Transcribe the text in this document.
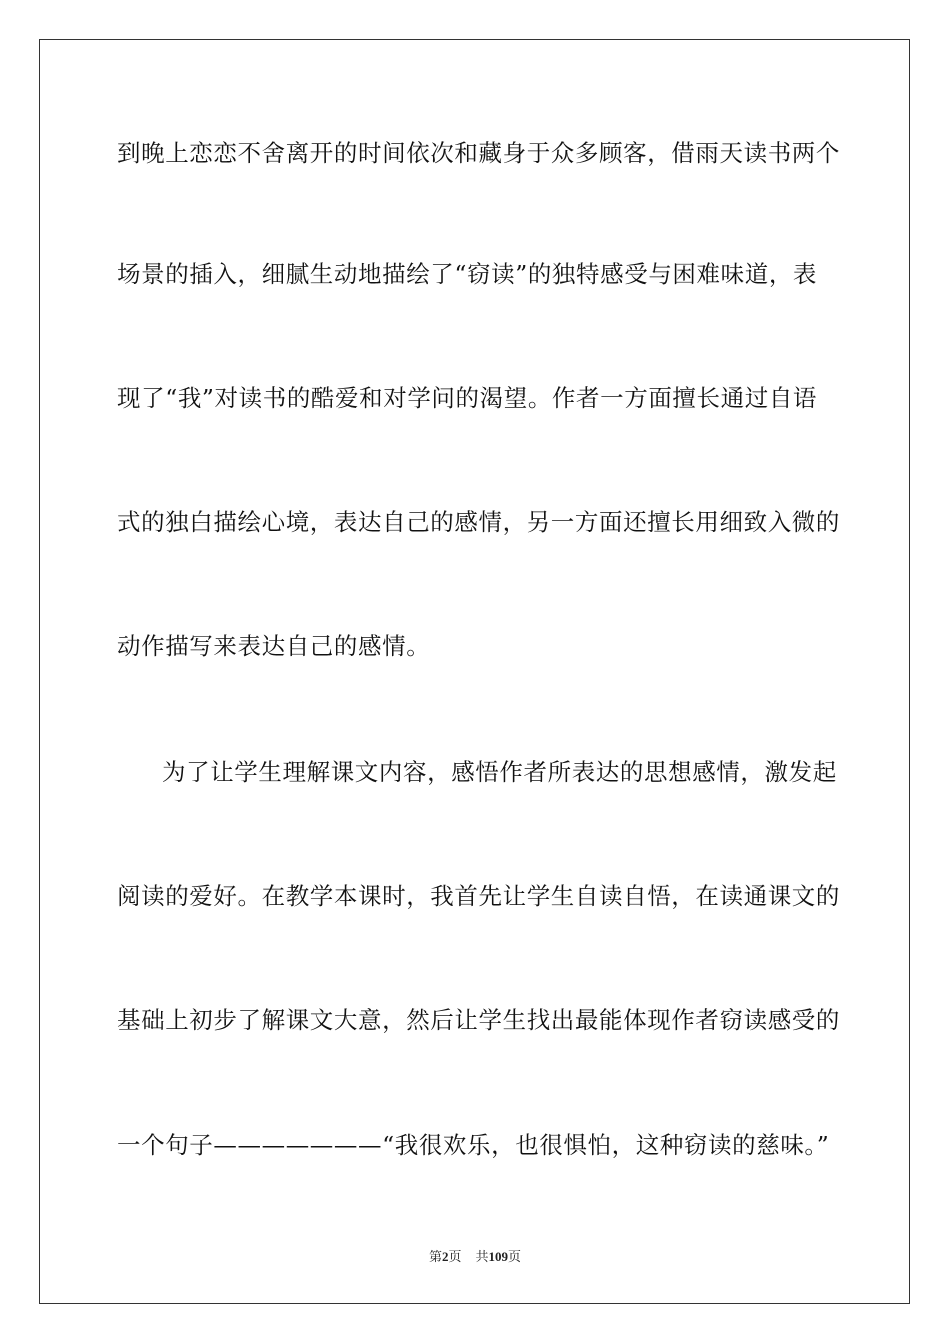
到晚上恋恋不舍离开的时间依次和藏身于众多顾客，借雨天读书两个

场景的插入，细腻生动地描绘了“窃读”的独特感受与困难味道，表

现了“我”对读书的酷爱和对学问的渴望。作者一方面擅长通过自语

式的独白描绘心境，表达自己的感情，另一方面还擅长用细致入微的

动作描写来表达自己的感情。

为了让学生理解课文内容，感悟作者所表达的思想感情，激发起

阅读的爱好。在教学本课时，我首先让学生自读自悟，在读通课文的

基础上初步了解课文大意，然后让学生找出最能体现作者窃读感受的

一个句子———————“我很欢乐，也很惧怕，这种窃读的慈味。”

第2页 共109页
